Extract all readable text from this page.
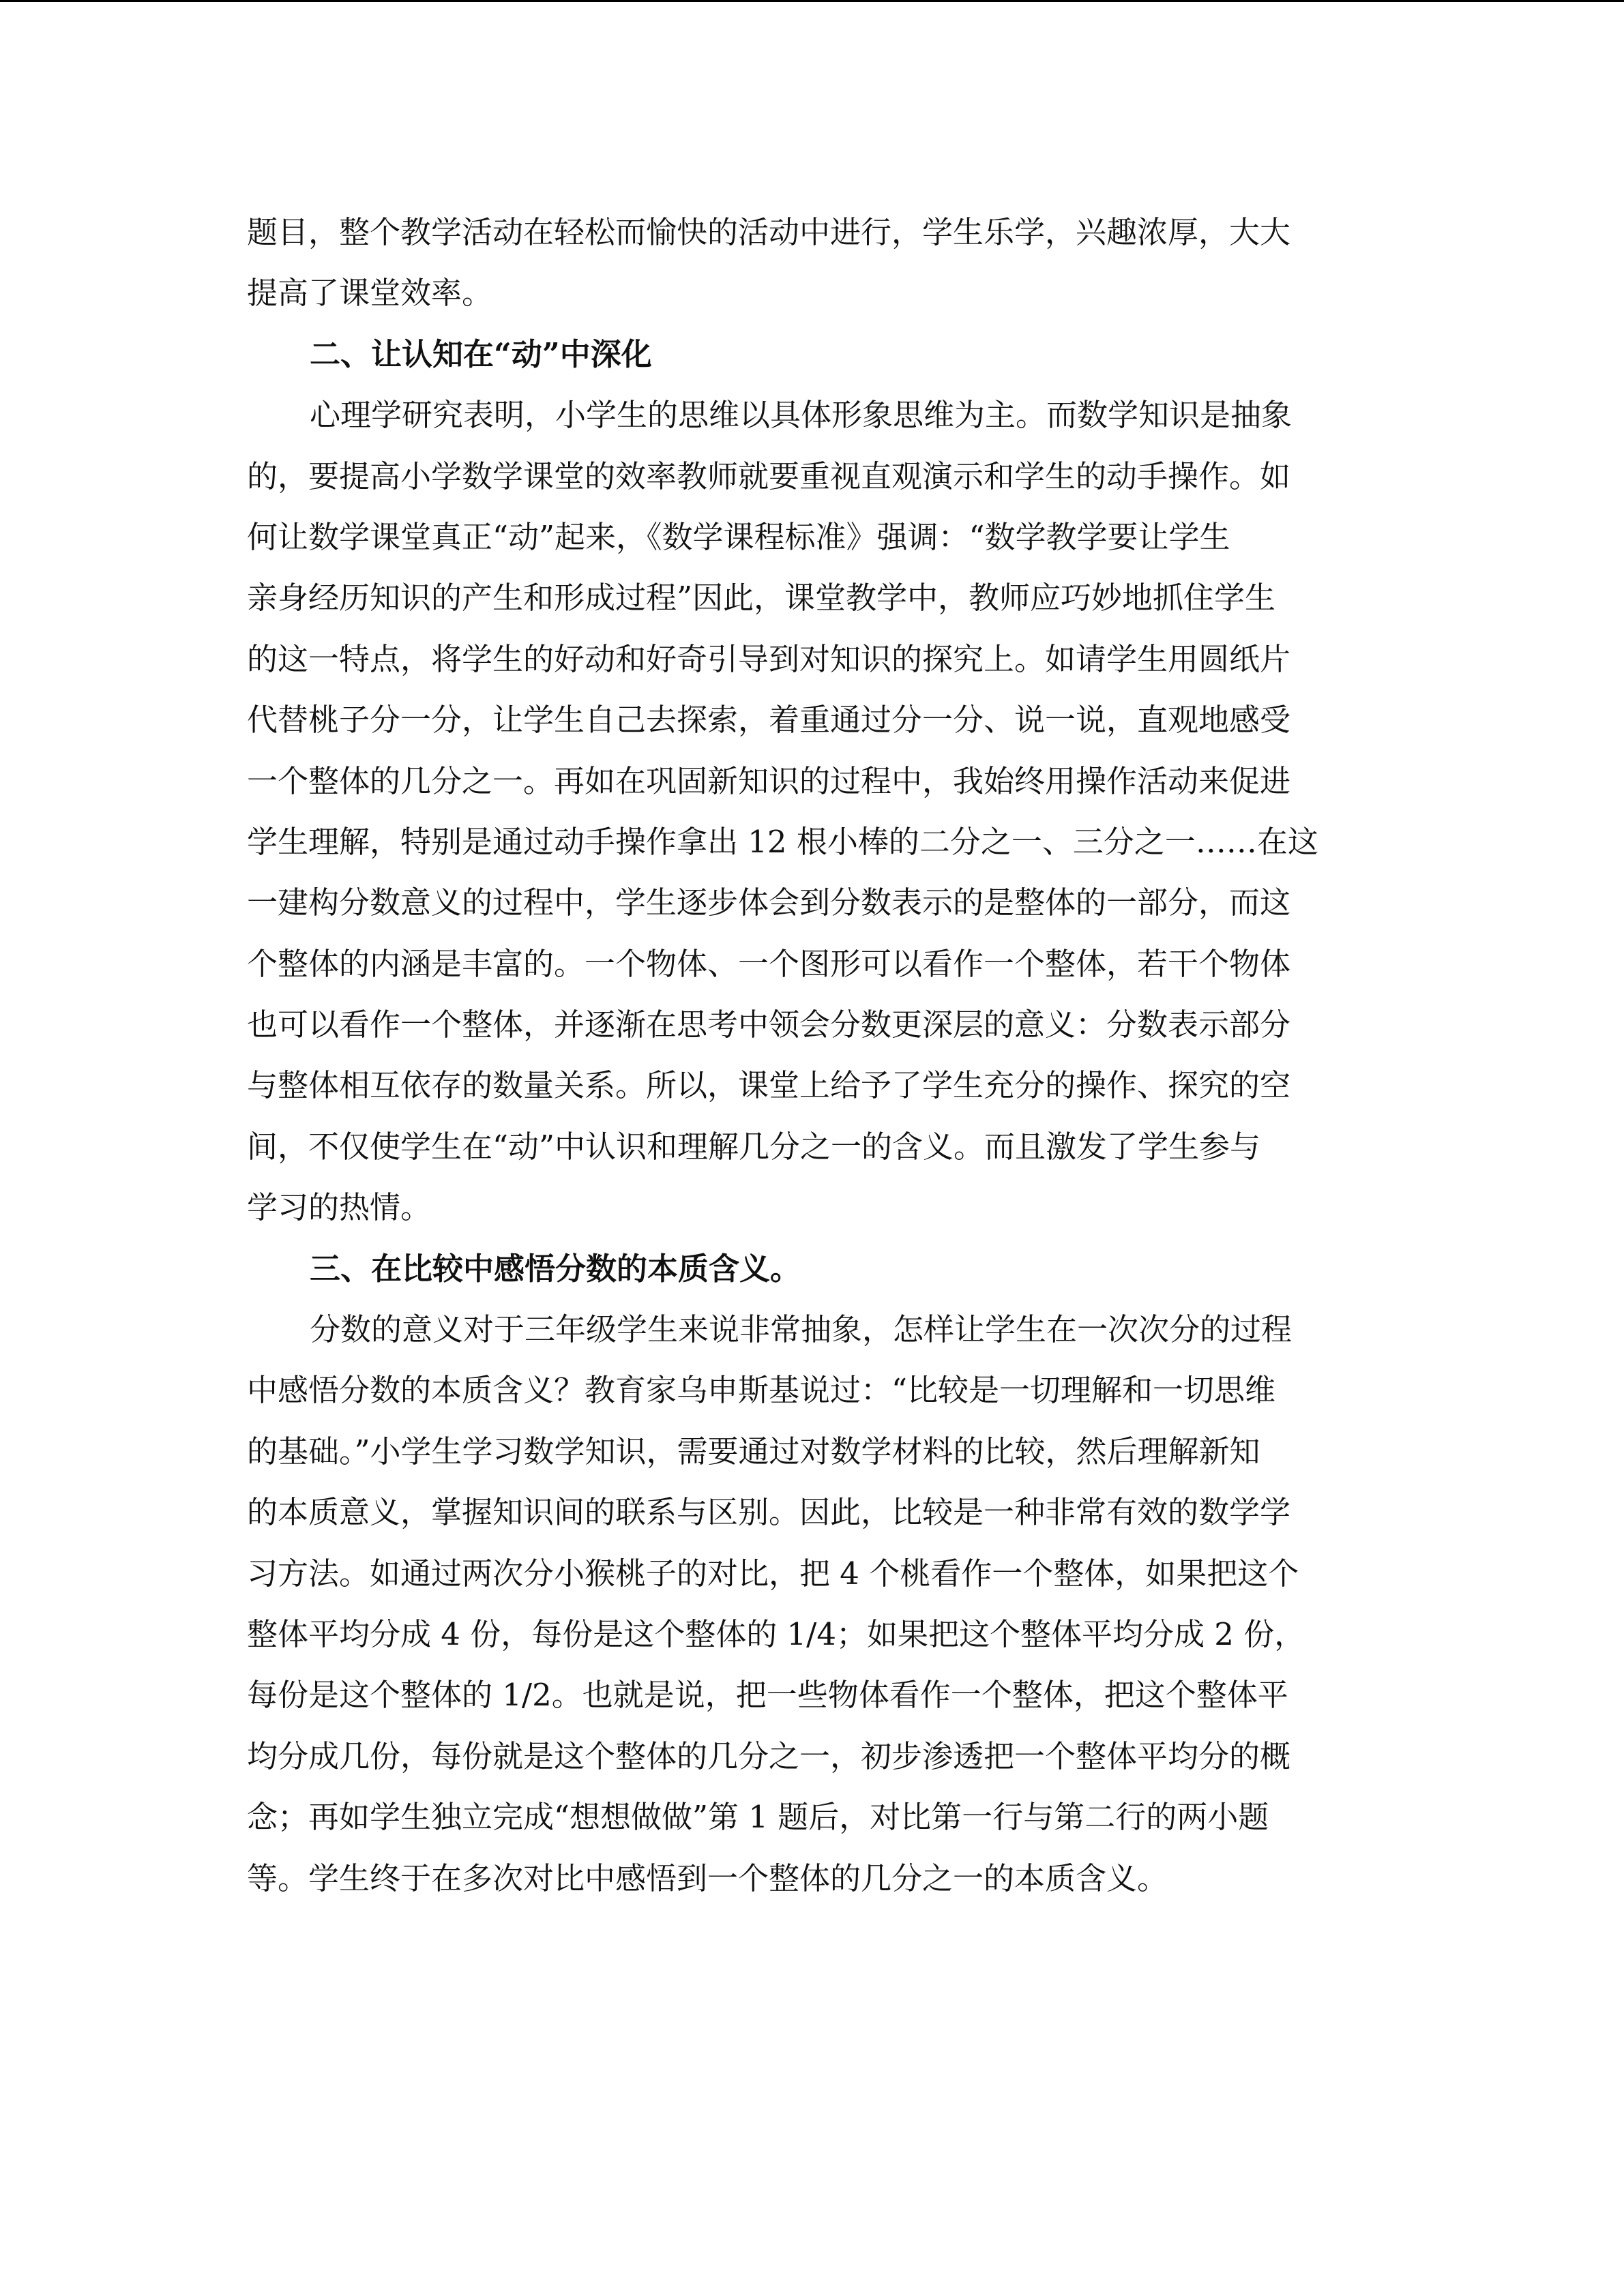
题目，整个教学活动在轻松而愉快的活动中进行，学生乐学，兴趣浓厚，大大
提高了课堂效率。
二、让认知在“动”中深化
心理学研究表明，小学生的思维以具体形象思维为主。而数学知识是抽象
的，要提高小学数学课堂的效率教师就要重视直观演示和学生的动手操作。如
何让数学课堂真正“动”起来，《数学课程标准》强调：“数学教学要让学生
亲身经历知识的产生和形成过程”因此，课堂教学中，教师应巧妙地抓住学生
的这一特点，将学生的好动和好奇引导到对知识的探究上。如请学生用圆纸片
代替桃子分一分，让学生自己去探索，着重通过分一分、说一说，直观地感受
一个整体的几分之一。再如在巩固新知识的过程中，我始终用操作活动来促进
学生理解，特别是通过动手操作拿出 12 根小棒的二分之一、三分之一……在这
一建构分数意义的过程中，学生逐步体会到分数表示的是整体的一部分，而这
个整体的内涵是丰富的。一个物体、一个图形可以看作一个整体，若干个物体
也可以看作一个整体，并逐渐在思考中领会分数更深层的意义：分数表示部分
与整体相互依存的数量关系。所以，课堂上给予了学生充分的操作、探究的空
间，不仅使学生在“动”中认识和理解几分之一的含义。而且激发了学生参与
学习的热情。
三、在比较中感悟分数的本质含义。
分数的意义对于三年级学生来说非常抽象，怎样让学生在一次次分的过程
中感悟分数的本质含义？教育家乌申斯基说过：“比较是一切理解和一切思维
的基础。”小学生学习数学知识，需要通过对数学材料的比较，然后理解新知
的本质意义，掌握知识间的联系与区别。因此，比较是一种非常有效的数学学
习方法。如通过两次分小猴桃子的对比，把 4 个桃看作一个整体，如果把这个
整体平均分成 4 份，每份是这个整体的 1/4；如果把这个整体平均分成 2 份，
每份是这个整体的 1/2。也就是说，把一些物体看作一个整体，把这个整体平
均分成几份，每份就是这个整体的几分之一，初步渗透把一个整体平均分的概
念；再如学生独立完成“想想做做”第 1 题后，对比第一行与第二行的两小题
等。学生终于在多次对比中感悟到一个整体的几分之一的本质含义。
